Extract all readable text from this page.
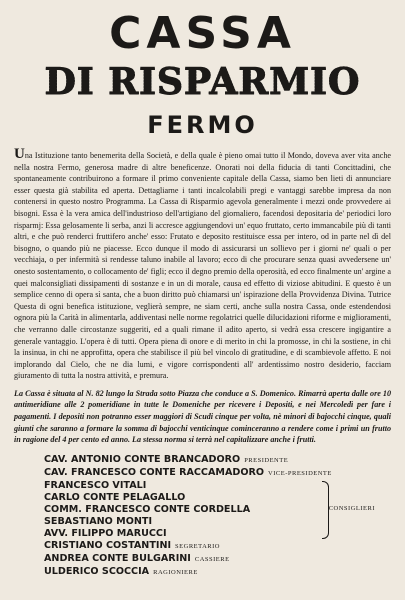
CASSA
DI RISPARMIO
FERMO

Una Istituzione tanto benemerita della Società, e della quale è pieno omai tutto il Mondo, doveva aver vita anche nella nostra Fermo, generosa madre di altre beneficenze. Onorati noi della fiducia di tanti Concittadini, che spontaneamente contribuirono a formare il primo conveniente capitale della Cassa, siamo ben lieti di annunciare esser questa già stabilita ed aperta. Dettagliarne i tanti incalcolabili pregi e vantaggi sarebbe impresa da non contenersi in questo nostro Programma. La Cassa di Risparmio agevola generalmente i mezzi onde provvedere ai bisogni. Essa è la vera amica dell'industrioso dell'artigiano del giornaliero, facendosi depositaria de' periodici loro risparmj: Essa gelosamente li serba, anzi li accresce aggiungendovi un' equo fruttato, certo immancabile più di tanti altri, e che può renderci fruttifero anche' esso: Frutato e deposito restituisce essa per intero, od in parte nel dì del bisogno, o quando più ne piacesse. Ecco dunque il modo di assicurarsi un sollievo per i giorni ne' quali o per vecchiaja, o per infermità si rendesse taluno inabile al lavoro; ecco di che procurare senza quasi avvedersene un' onesto sostentamento, o collocamento de' figli; ecco il degno premio della operosità, ed ecco finalmente un' argine a quei malconsigliati dissipamenti di sostanze e in un di morale, causa ed effetto di viziose abitudini. E questo è un semplice cenno di opera sì santa, che a buon diritto può chiamarsi un' ispirazione della Provvidenza Divina. Tutrice Questa di ogni benefica istituzione, veglierà sempre, ne siam certi, anche sulla nostra Cassa, onde estendendosi ognora più la Carità in alimentarla, addiventasi nelle norme regolatrici quelle dilucidazioni riforme e miglioramenti, che verranno dalle circostanze suggeriti, ed a quali rimane il adito aperto, si vedrà essa crescere ingigantire a generale vantaggio. L'opera è di tutti. Opera piena di onore e di merito in chi la promosse, in chi la sostiene, in chi la insinua, in chi ne approfitta, opera che stabilisce il più bel vincolo di gratitudine, e di scambievole affetto. E noi implorando dal Cielo, che ne dia lumi, e vigore corrispondenti all' ardentissimo nostro desiderio, facciam giuramento di tutta la nostra attività, e premura.

La Cassa è situata al N. 82 lungo la Strada sotto Piazza che conduce a S. Domenico. Rimarrà aperta dalle ore 10 antimeridiane alle 2 pomeridiane in tutte le Domeniche per ricevere i Depositi, e nei Mercoledì per fare i pagamenti. I depositi non potranno esser maggiori di Scudi cinque per volta, nè minori di bajocchi cinque, quali giunti che saranno a formare la somma di bajocchi venticinque cominceranno a rendere come i primi un frutto in ragione del 4 per cento ed anno. La stessa norma si terrà nel capitalizzare anche i frutti.

CAV. ANTONIO CONTE BRANCADORO PRESIDENTE
CAV. FRANCESCO CONTE RACCAMADORO VICE-PRESIDENTE
FRANCESCO VITALI
CARLO CONTE PELAGALLO
COMM. FRANCESCO CONTE CORDELLA
SEBASTIANO MONTI
AVV. FILIPPO MARUCCI
CRISTIANO COSTANTINI SEGRETARIO
ANDREA CONTE BULGARINI CASSIERE
ULDERICO SCOCCIA RAGIONIERE
CONSIGLIERI
